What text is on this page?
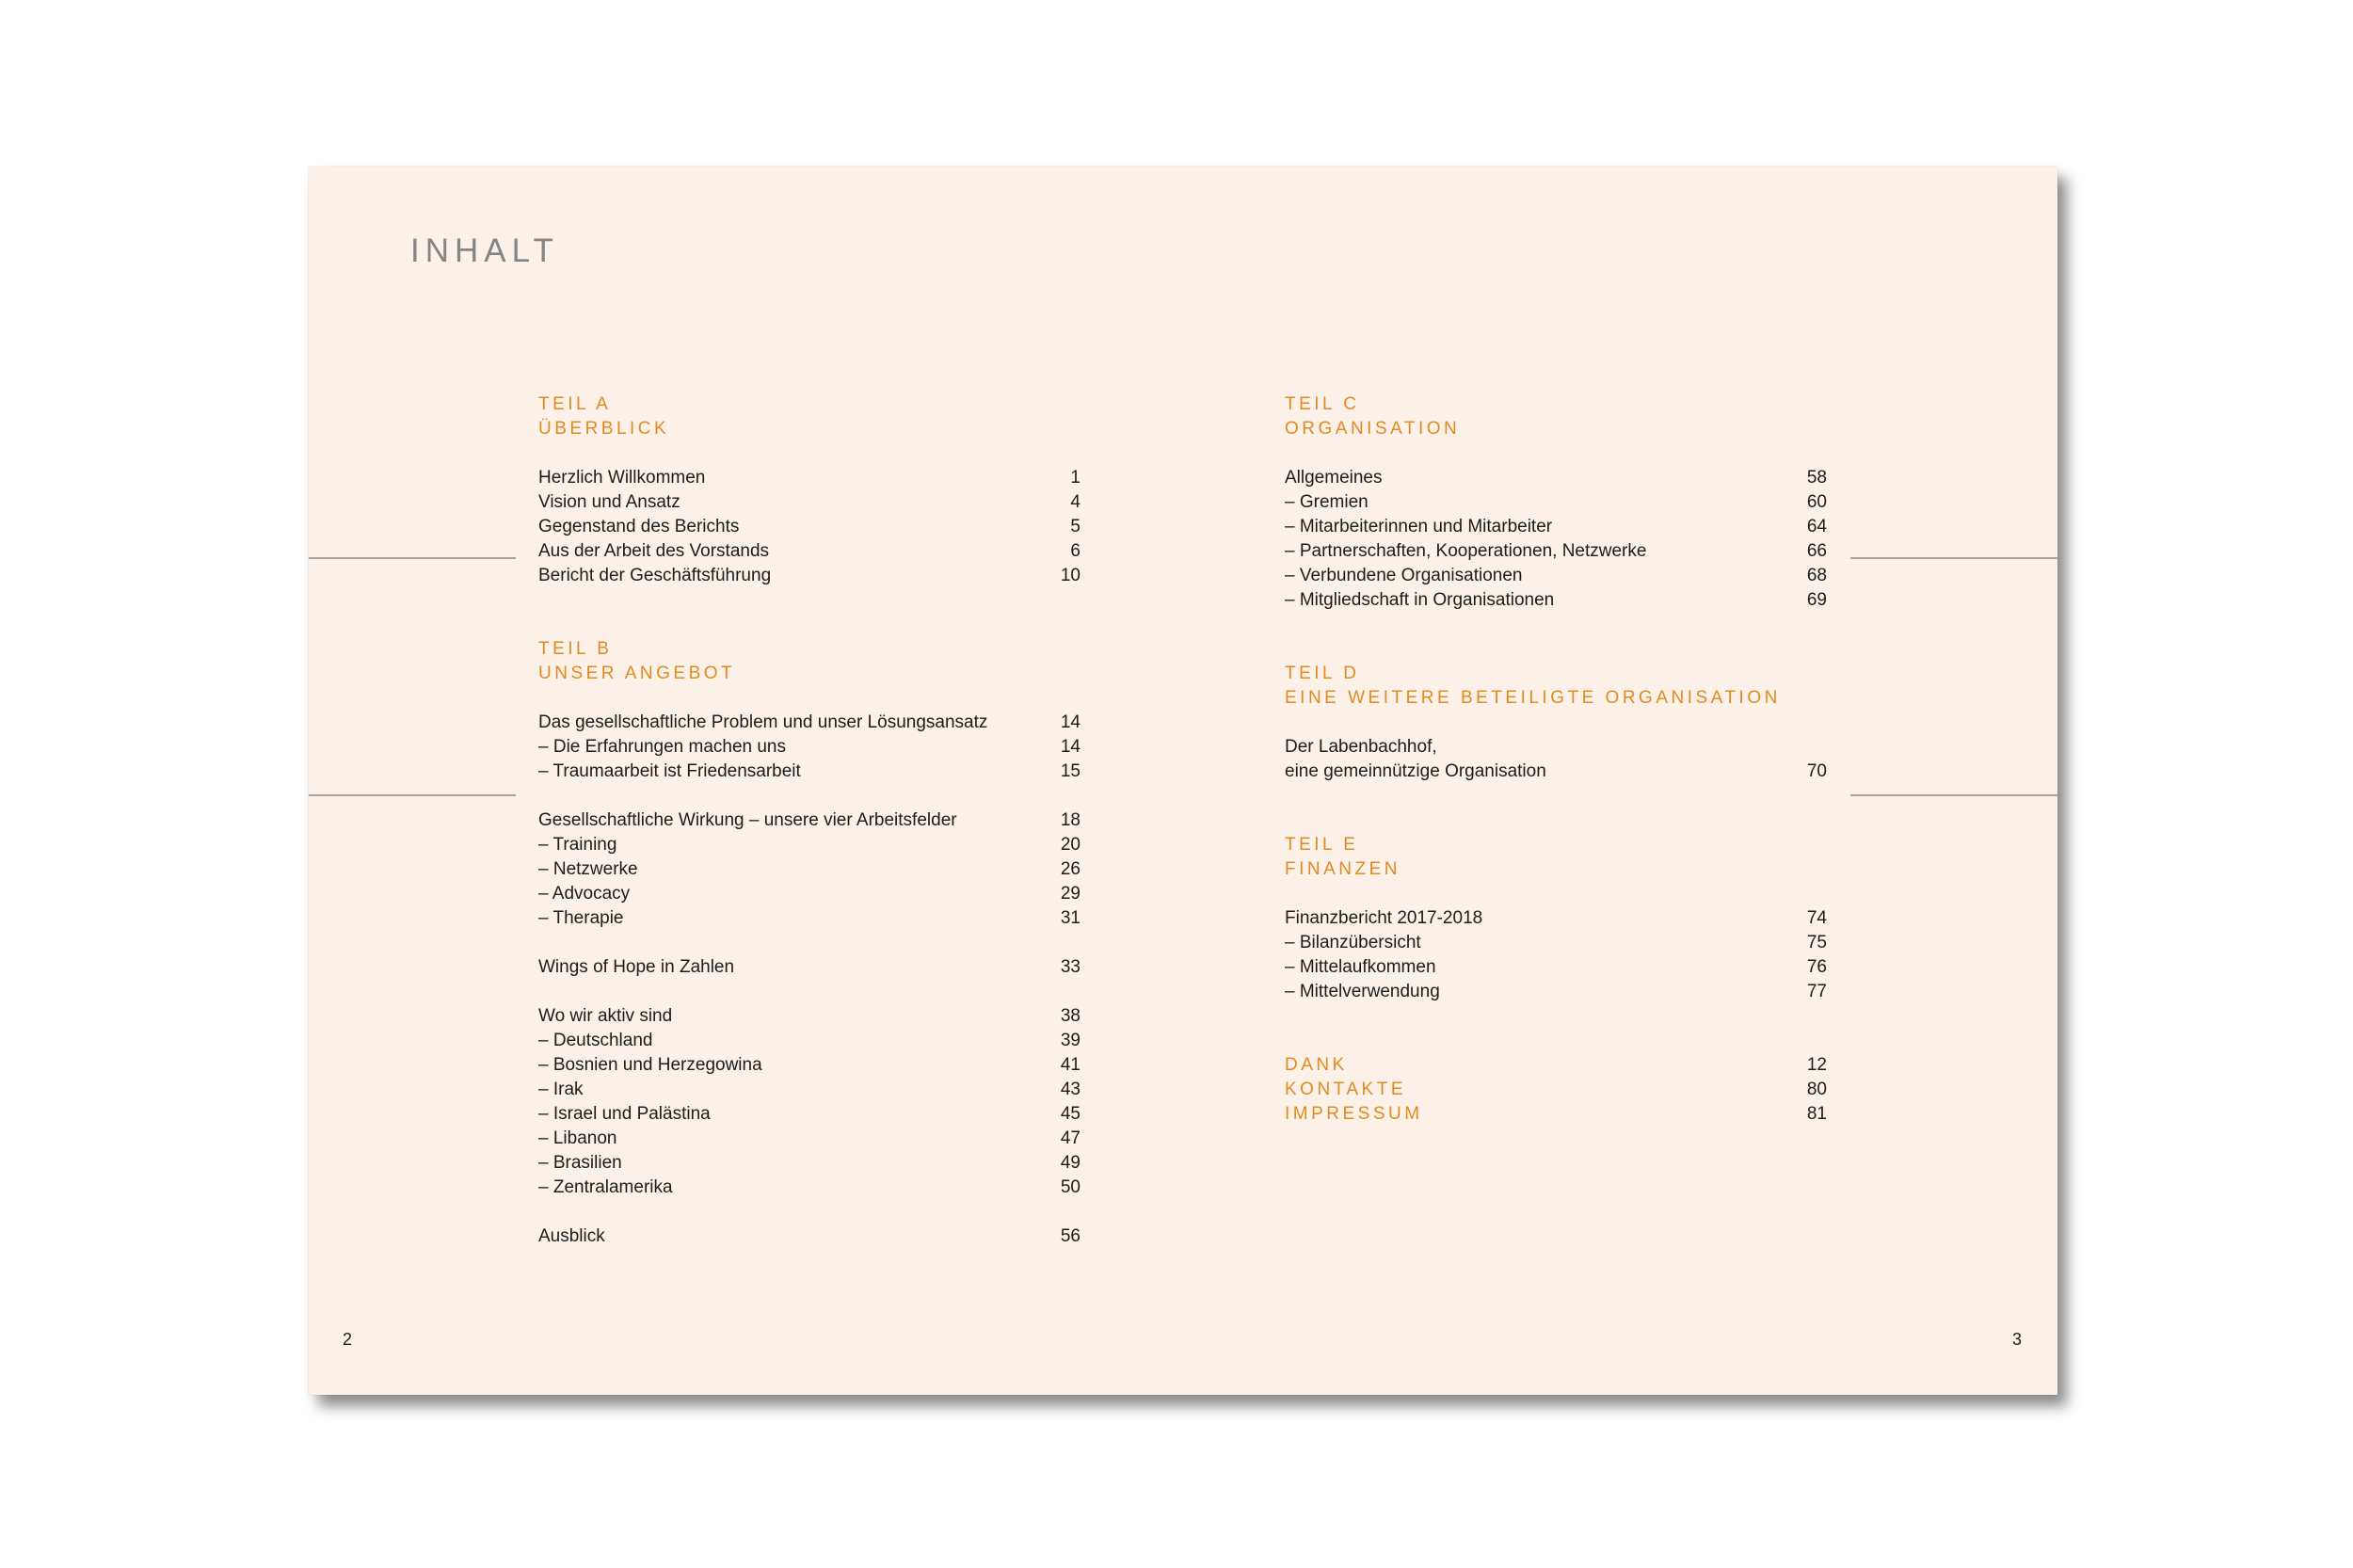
INHALT

TEIL A

ÜBERBLICK

Herzlich Willkommen	1
Vision und Ansatz	4
Gegenstand des Berichts	5
Aus der Arbeit des Vorstands	6
Bericht der Geschäftsführung	10

TEIL B

UNSER ANGEBOT

Das gesellschaftliche Problem und unser Lösungsansatz	14
– Die Erfahrungen machen uns	14
– Traumaarbeit ist Friedensarbeit	15
Gesellschaftliche Wirkung – unsere vier Arbeitsfelder	18
– Training	20
– Netzwerke	26
– Advocacy	29
– Therapie	31
Wings of Hope in Zahlen	33
Wo wir aktiv sind	38
– Deutschland	39
– Bosnien und Herzegowina	41
– Irak	43
– Israel und Palästina	45
– Libanon	47
– Brasilien	49
– Zentralamerika	50
Ausblick	56

TEIL C

ORGANISATION

Allgemeines	58
– Gremien	60
– Mitarbeiterinnen und Mitarbeiter	64
– Partnerschaften, Kooperationen, Netzwerke	66
– Verbundene Organisationen	68
– Mitgliedschaft in Organisationen	69

TEIL D

EINE WEITERE BETEILIGTE ORGANISATION

Der Labenbachhof,
eine gemeinnützige Organisation	70

TEIL E

FINANZEN

Finanzbericht 2017-2018	74
– Bilanzübersicht	75
– Mittelaufkommen	76
– Mittelverwendung	77
DANK	12
KONTAKTE	80
IMPRESSUM	81
2	3
